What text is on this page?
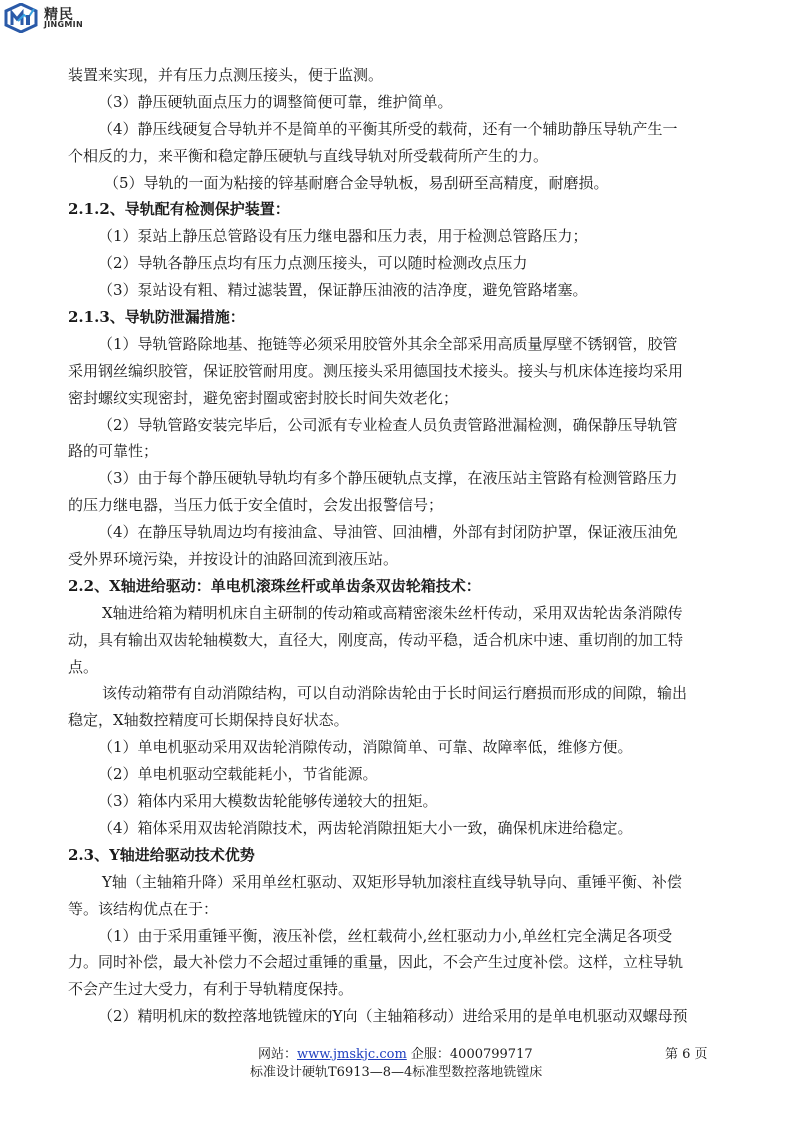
精民
JINGMIN
装置来实现，并有压力点测压接头，便于监测。
（3）静压硬轨面点压力的调整简便可靠，维护简单。
（4）静压线硬复合导轨并不是简单的平衡其所受的载荷，还有一个辅助静压导轨产生一
个相反的力，来平衡和稳定静压硬轨与直线导轨对所受载荷所产生的力。
（5）导轨的一面为粘接的锌基耐磨合金导轨板，易刮研至高精度，耐磨损。
2.1.2、导轨配有检测保护装置：
（1）泵站上静压总管路设有压力继电器和压力表，用于检测总管路压力；
（2）导轨各静压点均有压力点测压接头，可以随时检测改点压力
（3）泵站设有粗、精过滤装置，保证静压油液的洁净度，避免管路堵塞。
2.1.3、导轨防泄漏措施：
（1）导轨管路除地基、拖链等必须采用胶管外其余全部采用高质量厚壁不锈钢管，胶管
采用钢丝编织胶管，保证胶管耐用度。测压接头采用德国技术接头。接头与机床体连接均采用
密封螺纹实现密封，避免密封圈或密封胶长时间失效老化；
（2）导轨管路安装完毕后，公司派有专业检查人员负责管路泄漏检测，确保静压导轨管
路的可靠性；
（3）由于每个静压硬轨导轨均有多个静压硬轨点支撑，在液压站主管路有检测管路压力
的压力继电器，当压力低于安全值时，会发出报警信号；
（4）在静压导轨周边均有接油盒、导油管、回油槽，外部有封闭防护罩，保证液压油免
受外界环境污染，并按设计的油路回流到液压站。
2.2、X轴进给驱动：单电机滚珠丝杆或单齿条双齿轮箱技术：
X轴进给箱为精明机床自主研制的传动箱或高精密滚朱丝杆传动，采用双齿轮齿条消隙传
动，具有输出双齿轮轴模数大，直径大，刚度高，传动平稳，适合机床中速、重切削的加工特
点。
该传动箱带有自动消隙结构，可以自动消除齿轮由于长时间运行磨损而形成的间隙，输出
稳定，X轴数控精度可长期保持良好状态。
（1）单电机驱动采用双齿轮消隙传动，消隙简单、可靠、故障率低，维修方便。
（2）单电机驱动空载能耗小，节省能源。
（3）箱体内采用大模数齿轮能够传递较大的扭矩。
（4）箱体采用双齿轮消隙技术，两齿轮消隙扭矩大小一致，确保机床进给稳定。
2.3、Y轴进给驱动技术优势
Y轴（主轴箱升降）采用单丝杠驱动、双矩形导轨加滚柱直线导轨导向、重锤平衡、补偿
等。该结构优点在于：
（1）由于采用重锤平衡，液压补偿，丝杠载荷小,丝杠驱动力小,单丝杠完全满足各项受
力。同时补偿，最大补偿力不会超过重锤的重量，因此，不会产生过度补偿。这样，立柱导轨
不会产生过大受力，有利于导轨精度保持。
（2）精明机床的数控落地铣镗床的Y向（主轴箱移动）进给采用的是单电机驱动双螺母预
网站：www.jmskjc.com 企服：4000799717	第 6 页
标准设计硬轨T6913—8—4标准型数控落地铣镗床
